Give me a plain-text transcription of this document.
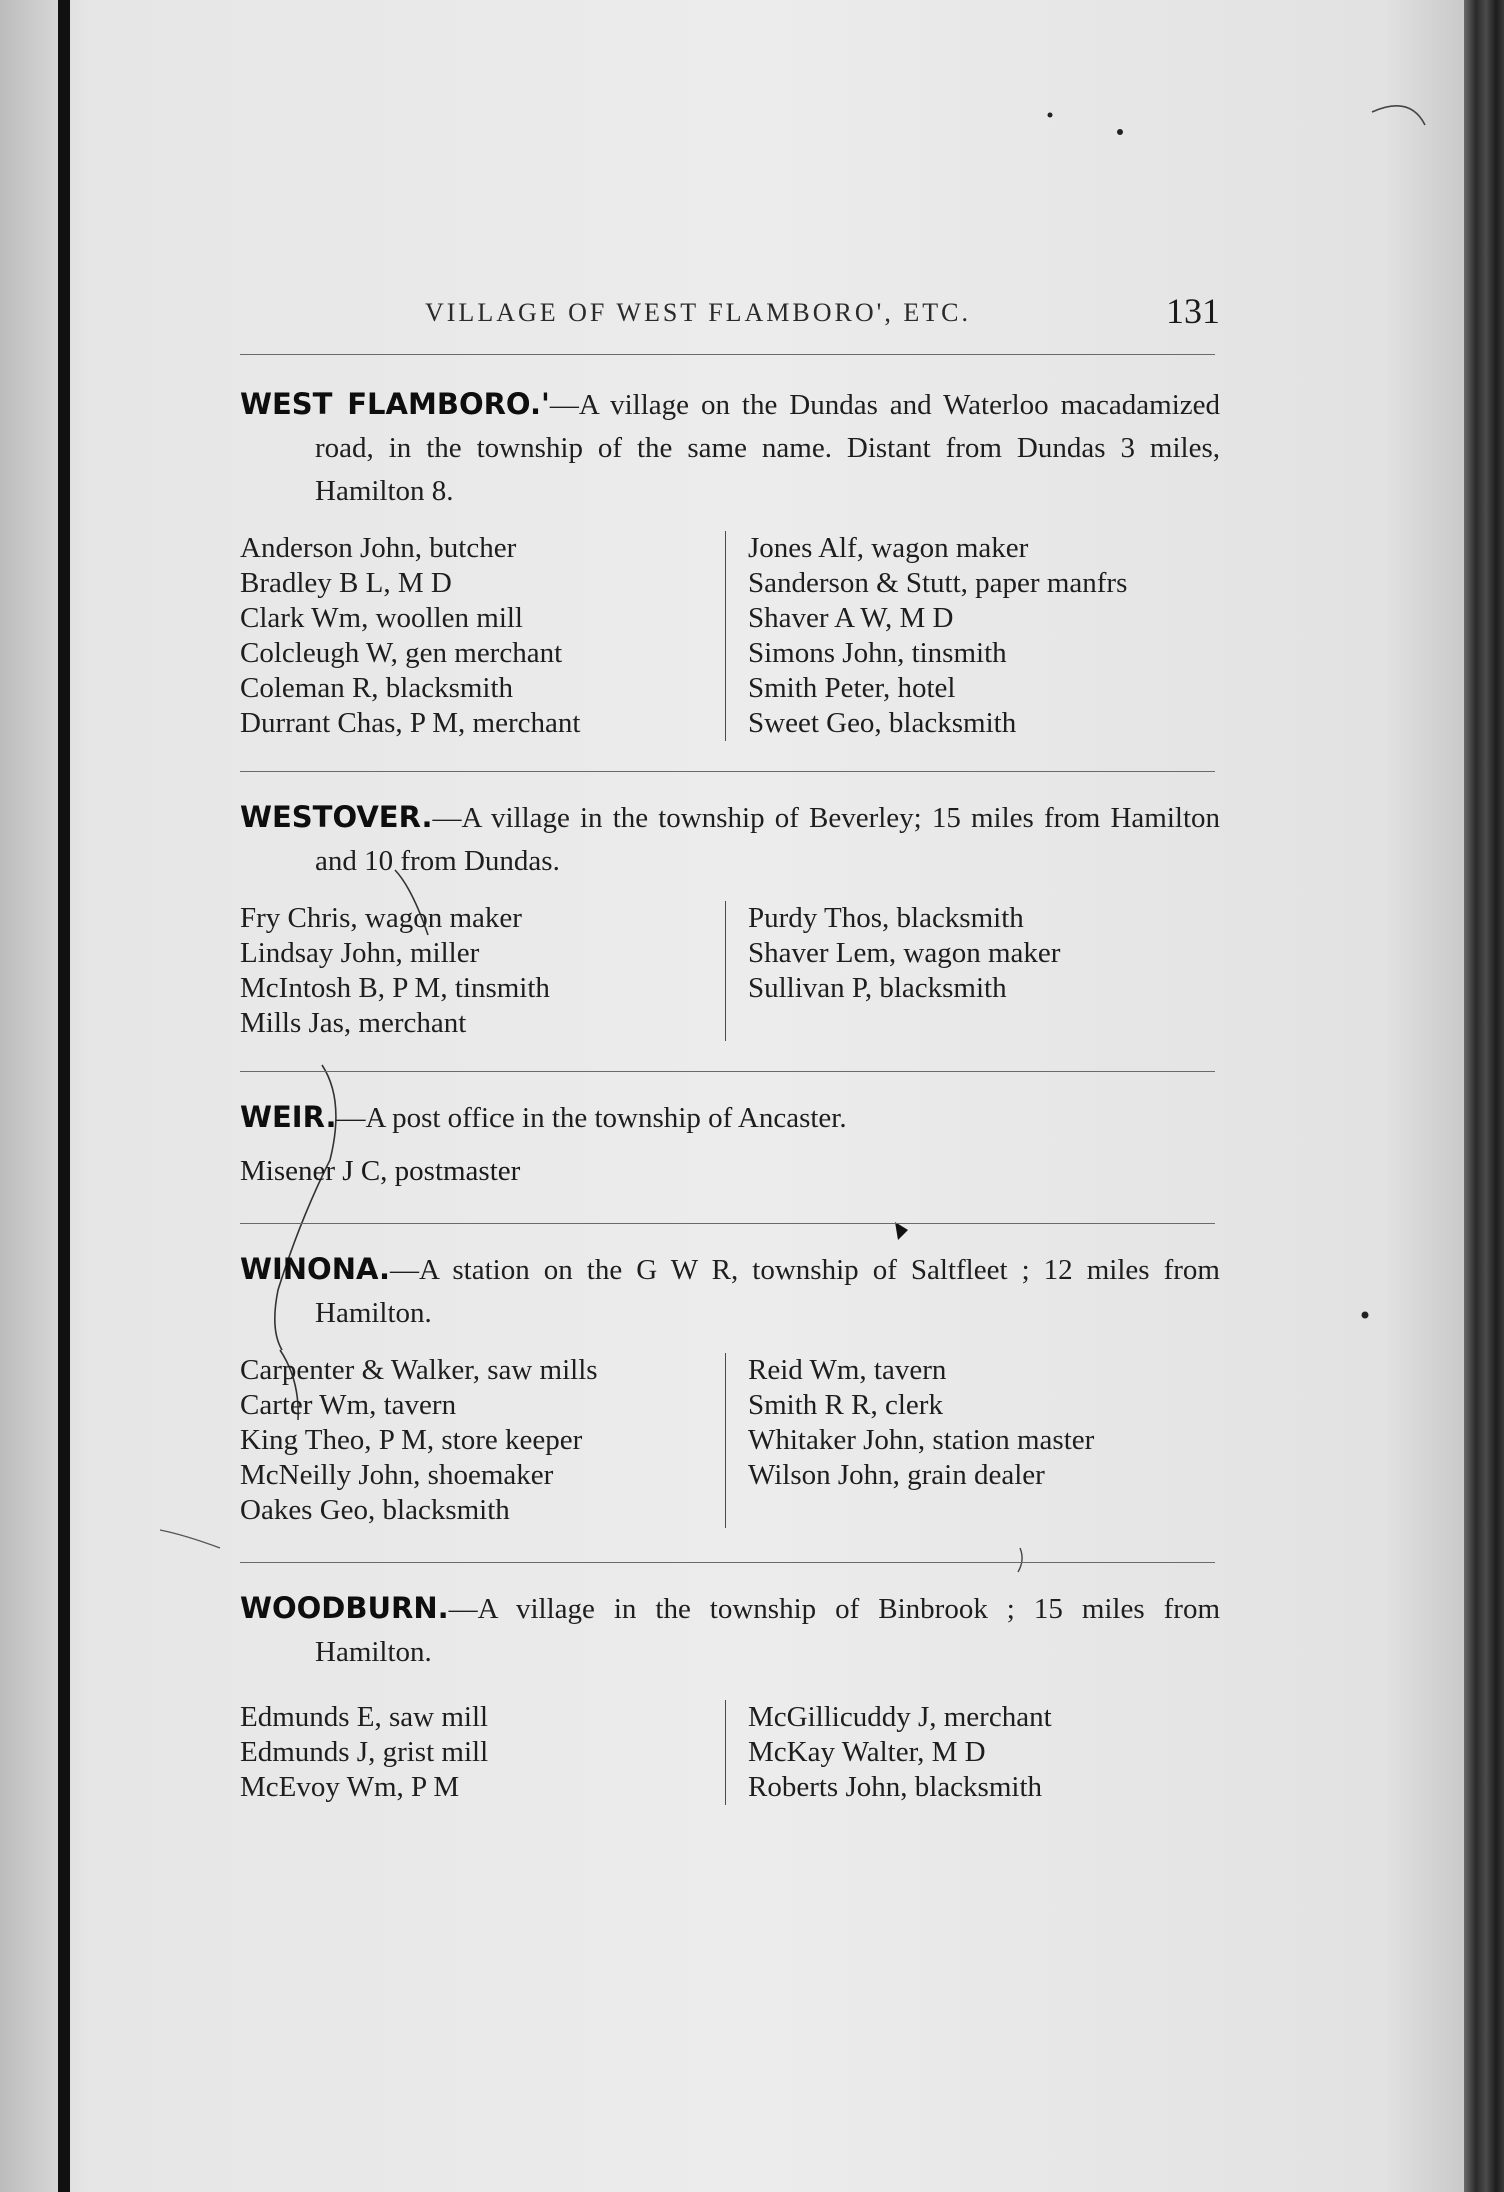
VILLAGE OF WEST FLAMBORO', ETC.	131
WEST FLAMBORO.'—A village on the Dundas and Waterloo macadamized road, in the township of the same name. Distant from Dundas 3 miles, Hamilton 8.
Anderson John, butcher
Bradley B L, M D
Clark Wm, woollen mill
Colcleugh W, gen merchant
Coleman R, blacksmith
Durrant Chas, P M, merchant
Jones Alf, wagon maker
Sanderson & Stutt, paper manfrs
Shaver A W, M D
Simons John, tinsmith
Smith Peter, hotel
Sweet Geo, blacksmith
WESTOVER.—A village in the township of Beverley; 15 miles from Hamilton and 10 from Dundas.
Fry Chris, wagon maker
Lindsay John, miller
McIntosh B, P M, tinsmith
Mills Jas, merchant
Purdy Thos, blacksmith
Shaver Lem, wagon maker
Sullivan P, blacksmith

WEIR.—A post office in the township of Ancaster.
Misener J C, postmaster
WINONA.—A station on the G W R, township of Saltfleet ; 12 miles from Hamilton.
Carpenter & Walker, saw mills
Carter Wm, tavern
King Theo, P M, store keeper
McNeilly John, shoemaker
Oakes Geo, blacksmith
Reid Wm, tavern
Smith R R, clerk
Whitaker John, station master
Wilson John, grain dealer

WOODBURN.—A village in the township of Binbrook ; 15 miles from Hamilton.
Edmunds E, saw mill
Edmunds J, grist mill
McEvoy Wm, P M
McGillicuddy J, merchant
McKay Walter, M D
Roberts John, blacksmith
